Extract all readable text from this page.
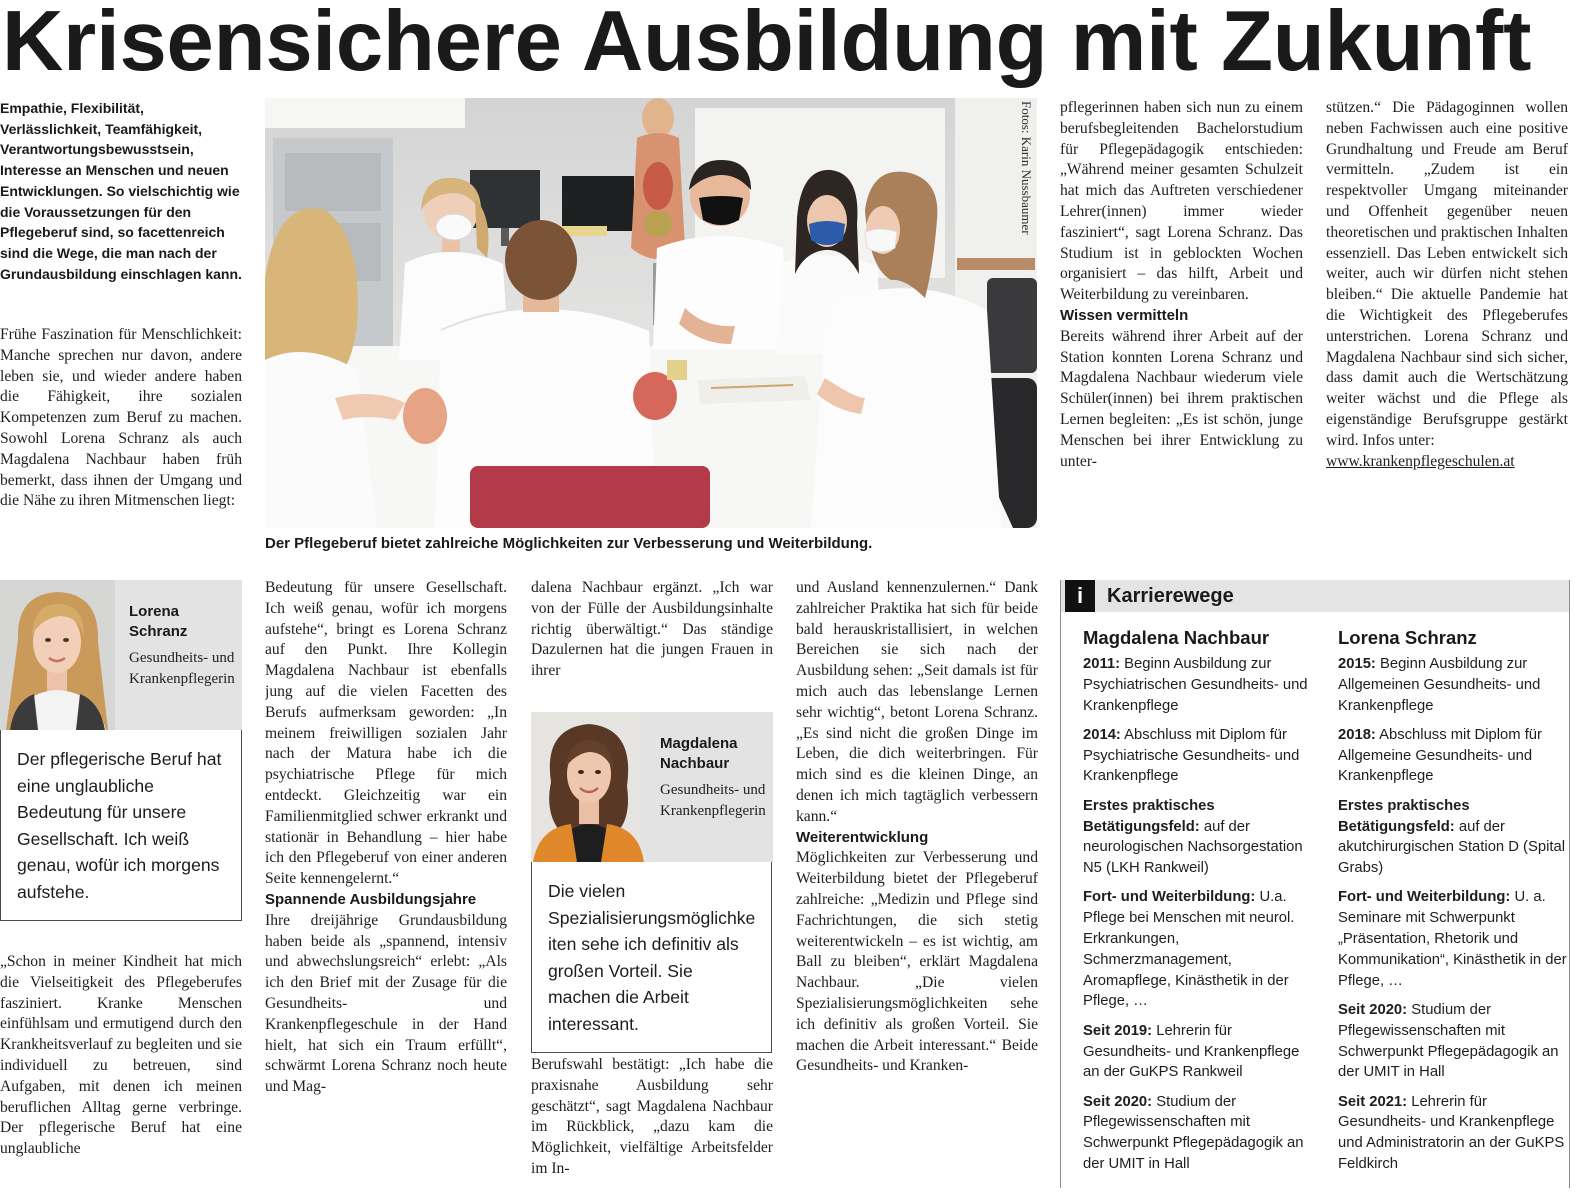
Krisensichere Ausbildung mit Zukunft

Empathie, Flexibilität, Verlässlichkeit, Teamfähigkeit, Verantwortungsbewusstsein, Interesse an Menschen und neuen Entwicklungen. So vielschichtig wie die Voraussetzungen für den Pflegeberuf sind, so facettenreich sind die Wege, die man nach der Grundausbildung einschlagen kann.

Frühe Faszination für Menschlichkeit: Manche sprechen nur davon, andere leben sie, und wieder andere haben die Fähigkeit, ihre sozialen Kompetenzen zum Beruf zu machen. Sowohl Lorena Schranz als auch Magdalena Nachbaur haben früh bemerkt, dass ihnen der Umgang und die Nähe zu ihren Mitmenschen liegt:

Fotos: Karin Nussbaumer
Der Pflegeberuf bietet zahlreiche Möglichkeiten zur Verbesserung und Weiterbildung.

pflegerinnen haben sich nun zu einem berufsbegleitenden Bachelorstudium für Pflegepädagogik entschieden: „Während meiner gesamten Schulzeit hat mich das Auftreten verschiedener Lehrer(innen) immer wieder fasziniert“, sagt Lorena Schranz. Das Studium ist in geblockten Wochen organisiert – das hilft, Arbeit und Weiterbildung zu vereinbaren.

Wissen vermitteln

Bereits während ihrer Arbeit auf der Station konnten Lorena Schranz und Magdalena Nachbaur wiederum viele Schüler(innen) bei ihrem praktischen Lernen begleiten: „Es ist schön, junge Menschen bei ihrer Entwicklung zu unter-

stützen.“ Die Pädagoginnen wollen neben Fachwissen auch eine positive Grundhaltung und Freude am Beruf vermitteln. „Zudem ist ein respektvoller Umgang miteinander und Offenheit gegenüber neuen theoretischen und praktischen Inhalten essenziell. Das Leben entwickelt sich weiter, auch wir dürfen nicht stehen bleiben.“ Die aktuelle Pandemie hat die Wichtigkeit des Pflegeberufes unterstrichen. Lorena Schranz und Magdalena Nachbaur sind sich sicher, dass damit auch die Wertschätzung weiter wächst und die Pflege als eigenständige Berufsgruppe gestärkt wird. Infos unter:

www.krankenpflegeschulen.at

Lorena Schranz
Gesundheits- und Krankenpflegerin

Der pflegerische Beruf hat eine unglaubliche Bedeutung für unsere Gesellschaft. Ich weiß genau, wofür ich morgens aufstehe.

„Schon in meiner Kindheit hat mich die Vielseitigkeit des Pflegeberufes fasziniert. Kranke Menschen einfühlsam und ermutigend durch den Krankheitsverlauf zu begleiten und sie individuell zu betreuen, sind Aufgaben, mit denen ich meinen beruflichen Alltag gerne verbringe. Der pflegerische Beruf hat eine unglaubliche

Bedeutung für unsere Gesellschaft. Ich weiß genau, wofür ich morgens aufstehe“, bringt es Lorena Schranz auf den Punkt. Ihre Kollegin Magdalena Nachbaur ist ebenfalls jung auf die vielen Facetten des Berufs aufmerksam geworden: „In meinem freiwilligen sozialen Jahr nach der Matura habe ich die psychiatrische Pflege für mich entdeckt. Gleichzeitig war ein Familienmitglied schwer erkrankt und stationär in Behandlung – hier habe ich den Pflegeberuf von einer anderen Seite kennengelernt.“

Spannende Ausbildungsjahre

Ihre dreijährige Grundausbildung haben beide als „spannend, intensiv und abwechslungsreich“ erlebt: „Als ich den Brief mit der Zusage für die Gesundheits- und Krankenpflegeschule in der Hand hielt, hat sich ein Traum erfüllt“, schwärmt Lorena Schranz noch heute und Mag-

dalena Nachbaur ergänzt. „Ich war von der Fülle der Ausbildungsinhalte richtig überwältigt.“ Das ständige Dazulernen hat die jungen Frauen in ihrer

Magdalena Nachbaur
Gesundheits- und Krankenpflegerin

Die vielen Spezialisierungsmöglichkeiten sehe ich definitiv als großen Vorteil. Sie machen die Arbeit interessant.

Berufswahl bestätigt: „Ich habe die praxisnahe Ausbildung sehr geschätzt“, sagt Magdalena Nachbaur im Rückblick, „dazu kam die Möglichkeit, vielfältige Arbeitsfelder im In-

und Ausland kennenzulernen.“ Dank zahlreicher Praktika hat sich für beide bald herauskristallisiert, in welchen Bereichen sie sich nach der Ausbildung sehen: „Seit damals ist für mich auch das lebenslange Lernen sehr wichtig“, betont Lorena Schranz. „Es sind nicht die großen Dinge im Leben, die dich weiterbringen. Für mich sind es die kleinen Dinge, an denen ich mich tagtäglich verbessern kann.“

Weiterentwicklung

Möglichkeiten zur Verbesserung und Weiterbildung bietet der Pflegeberuf zahlreiche: „Medizin und Pflege sind Fachrichtungen, die sich stetig weiterentwickeln – es ist wichtig, am Ball zu bleiben“, erklärt Magdalena Nachbaur. „Die vielen Spezialisierungsmöglichkeiten sehe ich definitiv als großen Vorteil. Sie machen die Arbeit interessant.“ Beide Gesundheits- und Kranken-

i	Karrierewege
Magdalena Nachbaur

2011: Beginn Ausbildung zur Psychiatrischen Gesundheits- und Krankenpflege

2014: Abschluss mit Diplom für Psychiatrische Gesundheits- und Krankenpflege

Erstes praktisches Betätigungsfeld: auf der neurologischen Nachsorgestation N5 (LKH Rankweil)

Fort- und Weiterbildung: U.a. Pflege bei Menschen mit neurol. Erkrankungen, Schmerzmanagement, Aromapflege, Kinästhetik in der Pflege, …

Seit 2019: Lehrerin für Gesundheits- und Krankenpflege an der GuKPS Rankweil

Seit 2020: Studium der Pflegewissenschaften mit Schwerpunkt Pflegepädagogik an der UMIT in Hall

Lorena Schranz

2015: Beginn Ausbildung zur Allgemeinen Gesundheits- und Krankenpflege

2018: Abschluss mit Diplom für Allgemeine Gesundheits- und Krankenpflege

Erstes praktisches Betätigungsfeld: auf der akutchirurgischen Station D (Spital Grabs)

Fort- und Weiterbildung: U. a. Seminare mit Schwerpunkt „Präsentation, Rhetorik und Kommunikation“, Kinästhetik in der Pflege, …

Seit 2020: Studium der Pflegewissenschaften mit Schwerpunkt Pflegepädagogik an der UMIT in Hall

Seit 2021: Lehrerin für Gesundheits- und Krankenpflege und Administratorin an der GuKPS Feldkirch
